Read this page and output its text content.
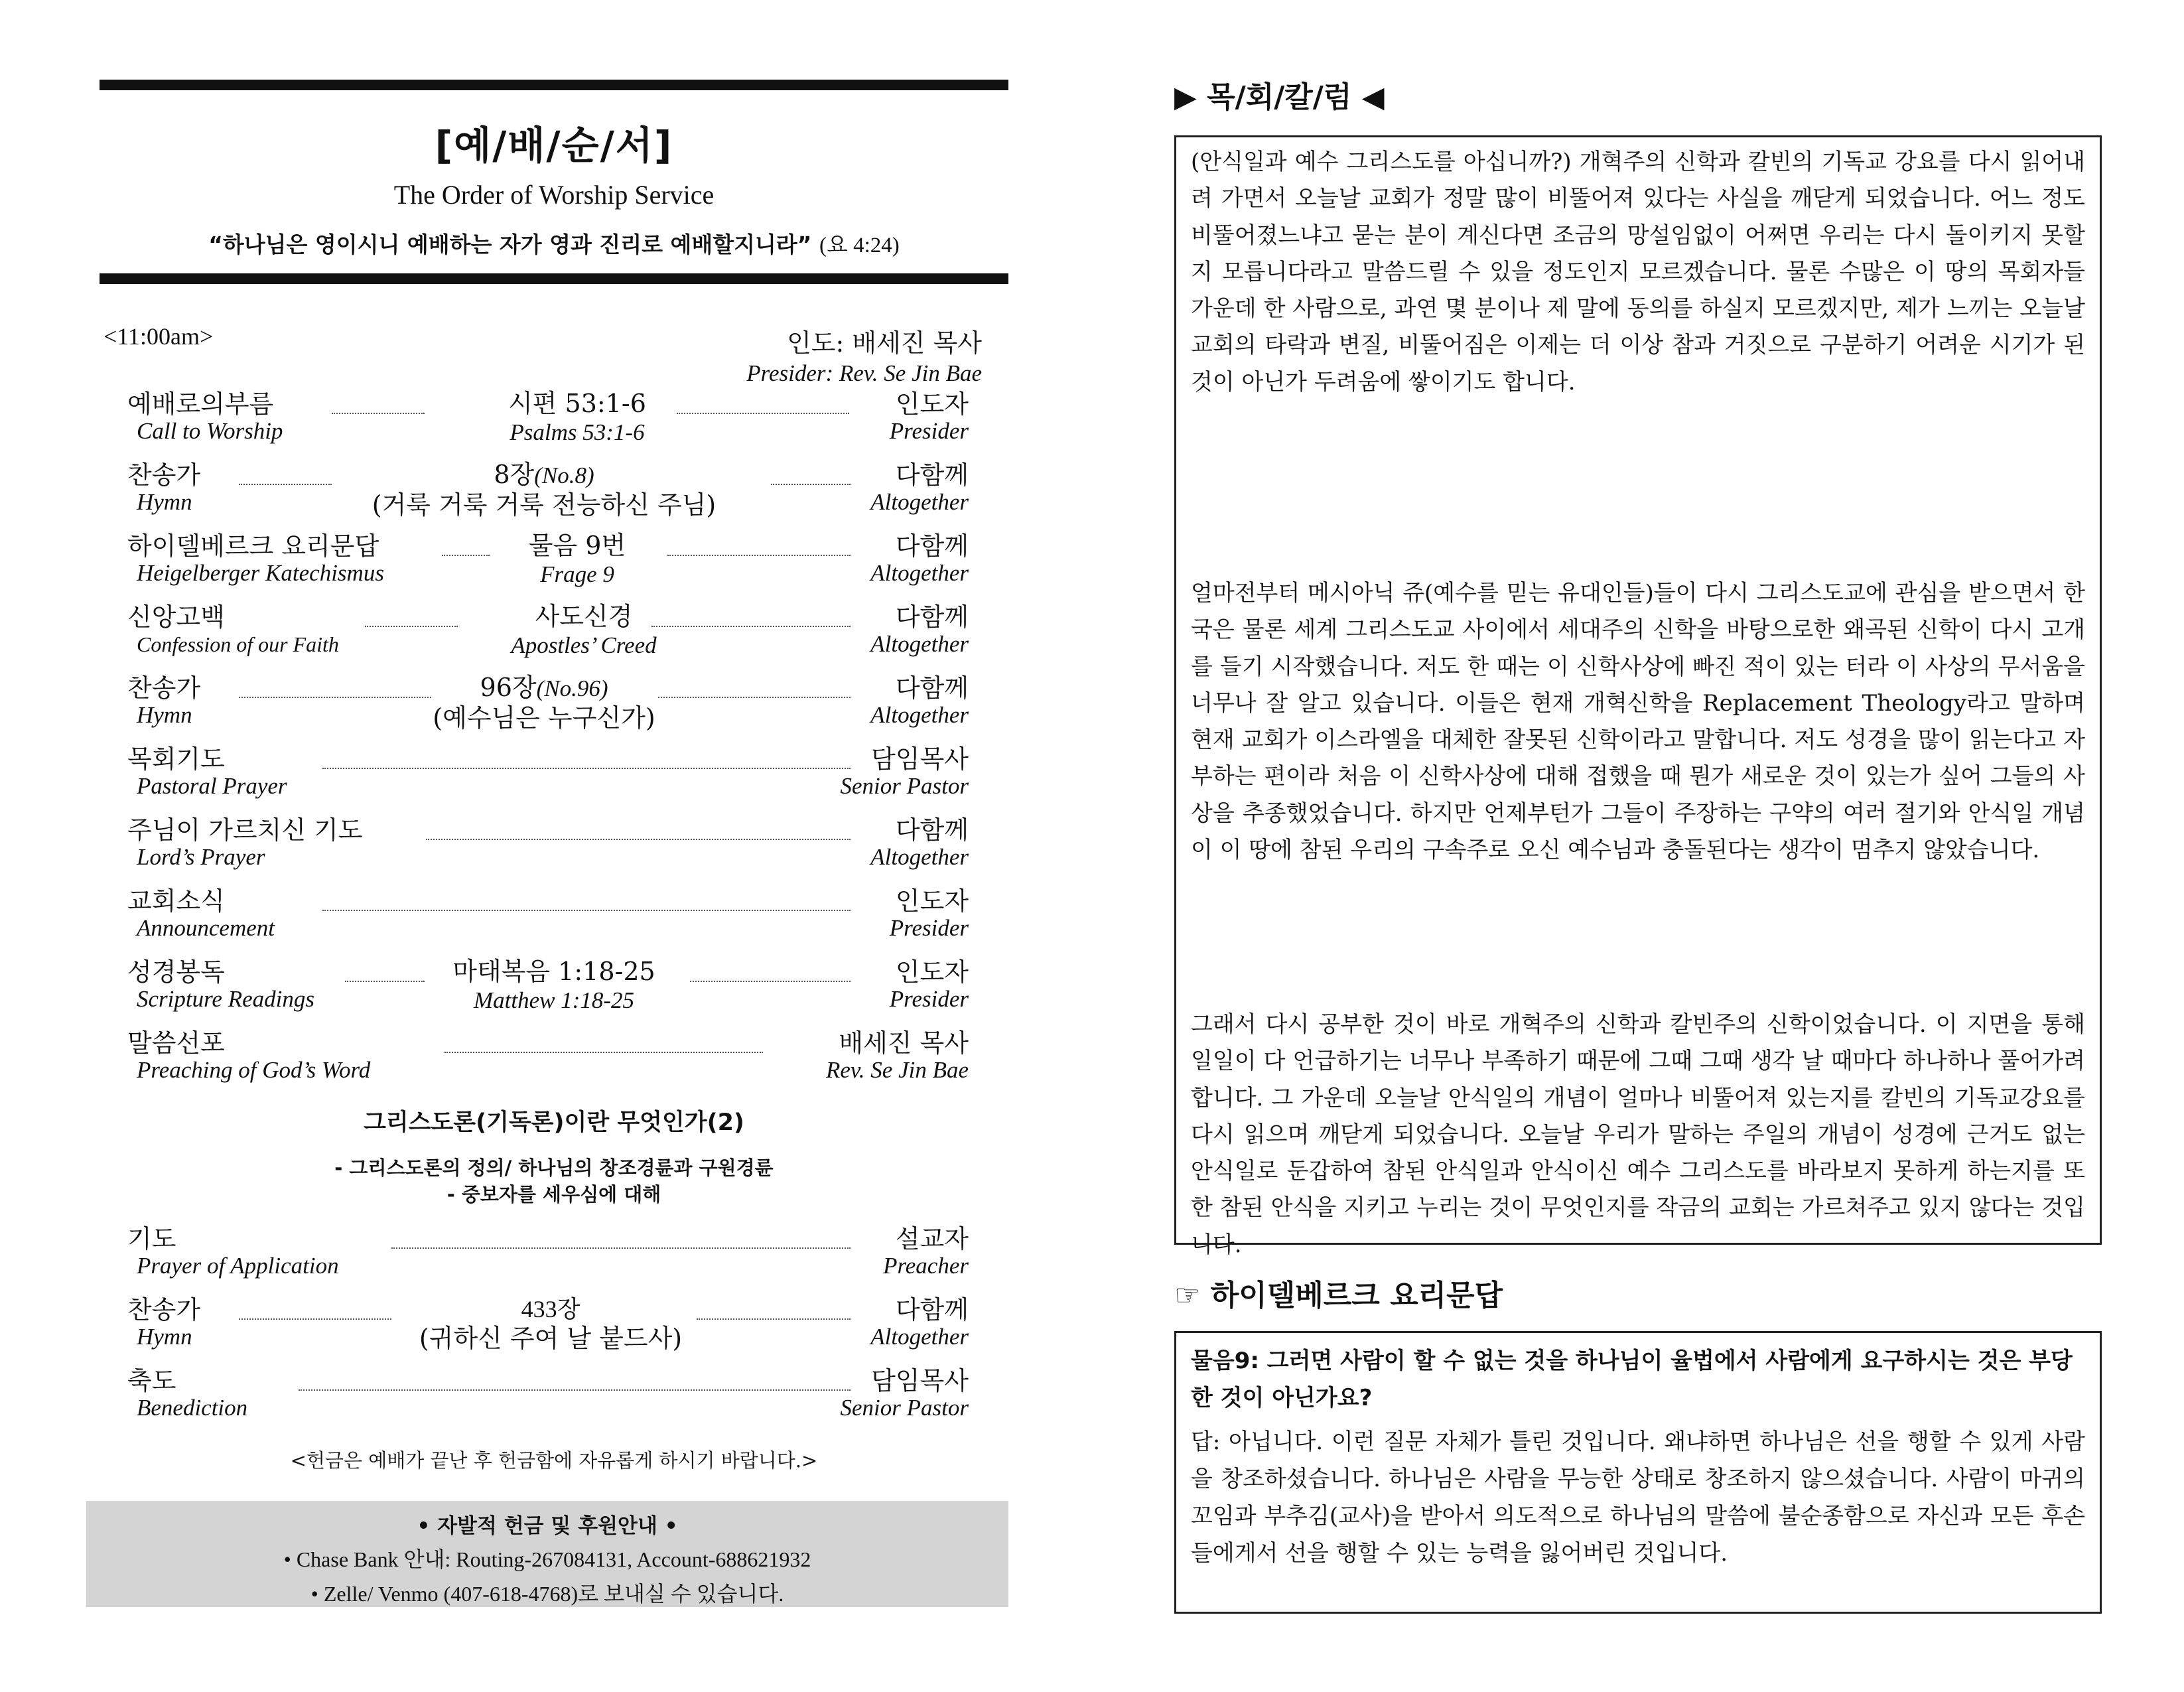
[예/배/순/서]
The Order of Worship Service
“하나님은 영이시니 예배하는 자가 영과 진리로 예배할지니라” (요 4:24)
<11:00am>	인도: 배세진 목사
Presider: Rev. Se Jin Bae
예배로의부름
Call to Worship
시편 53:1-6
Psalms 53:1-6
인도자
Presider
찬송가
Hymn
8장(No.8)
(거룩 거룩 거룩 전능하신 주님)
다함께
Altogether
하이델베르크 요리문답
Heigelberger Katechismus
물음 9번
Frage 9
다함께
Altogether
신앙고백
Confession of our Faith
사도신경
Apostles’ Creed
다함께
Altogether
찬송가
Hymn
96장(No.96)
(예수님은 누구신가)
다함께
Altogether
목회기도
Pastoral Prayer
담임목사
Senior Pastor
주님이 가르치신 기도
Lord’s Prayer
다함께
Altogether
교회소식
Announcement
인도자
Presider
성경봉독
Scripture Readings
마태복음 1:18-25
Matthew 1:18-25
인도자
Presider
말씀선포
Preaching of God’s Word
배세진 목사
Rev. Se Jin Bae
그리스도론(기독론)이란 무엇인가(2)
- 그리스도론의 정의/ 하나님의 창조경륜과 구원경륜
- 중보자를 세우심에 대해
기도
Prayer of Application
설교자
Preacher
찬송가
Hymn
433장
(귀하신 주여 날 붙드사)
다함께
Altogether
축도
Benediction
담임목사
Senior Pastor
<헌금은 예배가 끝난 후 헌금함에 자유롭게 하시기 바랍니다.>
• 자발적 헌금 및 후원안내 •
• Chase Bank 안내: Routing-267084131, Account-688621932
• Zelle/ Venmo (407-618-4768)로 보내실 수 있습니다.
▶ 목/회/칼/럼 ◀

(안식일과 예수 그리스도를 아십니까?) 개혁주의 신학과 칼빈의 기독교 강요를 다시 읽어내려 가면서 오늘날 교회가 정말 많이 비뚤어져 있다는 사실을 깨닫게 되었습니다. 어느 정도 비뚤어졌느냐고 묻는 분이 계신다면 조금의 망설임없이 어쩌면 우리는 다시 돌이키지 못할지 모릅니다라고 말씀드릴 수 있을 정도인지 모르겠습니다. 물론 수많은 이 땅의 목회자들 가운데 한 사람으로, 과연 몇 분이나 제 말에 동의를 하실지 모르겠지만, 제가 느끼는 오늘날 교회의 타락과 변질, 비뚤어짐은 이제는 더 이상 참과 거짓으로 구분하기 어려운 시기가 된 것이 아닌가 두려움에 쌓이기도 합니다.

얼마전부터 메시아닉 쥬(예수를 믿는 유대인들)들이 다시 그리스도교에 관심을 받으면서 한국은 물론 세계 그리스도교 사이에서 세대주의 신학을 바탕으로한 왜곡된 신학이 다시 고개를 들기 시작했습니다. 저도 한 때는 이 신학사상에 빠진 적이 있는 터라 이 사상의 무서움을 너무나 잘 알고 있습니다. 이들은 현재 개혁신학을 Replacement Theology라고 말하며 현재 교회가 이스라엘을 대체한 잘못된 신학이라고 말합니다. 저도 성경을 많이 읽는다고 자부하는 편이라 처음 이 신학사상에 대해 접했을 때 뭔가 새로운 것이 있는가 싶어 그들의 사상을 추종했었습니다. 하지만 언제부턴가 그들이 주장하는 구약의 여러 절기와 안식일 개념이 이 땅에 참된 우리의 구속주로 오신 예수님과 충돌된다는 생각이 멈추지 않았습니다.

그래서 다시 공부한 것이 바로 개혁주의 신학과 칼빈주의 신학이었습니다. 이 지면을 통해 일일이 다 언급하기는 너무나 부족하기 때문에 그때 그때 생각 날 때마다 하나하나 풀어가려 합니다. 그 가운데 오늘날 안식일의 개념이 얼마나 비뚤어져 있는지를 칼빈의 기독교강요를 다시 읽으며 깨닫게 되었습니다. 오늘날 우리가 말하는 주일의 개념이 성경에 근거도 없는 안식일로 둔갑하여 참된 안식일과 안식이신 예수 그리스도를 바라보지 못하게 하는지를 또한 참된 안식을 지키고 누리는 것이 무엇인지를 작금의 교회는 가르쳐주고 있지 않다는 것입니다.

☞ 하이델베르크 요리문답
물음9: 그러면 사람이 할 수 없는 것을 하나님이 율법에서 사람에게 요구하시는 것은 부당한 것이 아닌가요?
답: 아닙니다. 이런 질문 자체가 틀린 것입니다. 왜냐하면 하나님은 선을 행할 수 있게 사람을 창조하셨습니다. 하나님은 사람을 무능한 상태로 창조하지 않으셨습니다. 사람이 마귀의 꼬임과 부추김(교사)을 받아서 의도적으로 하나님의 말씀에 불순종함으로 자신과 모든 후손들에게서 선을 행할 수 있는 능력을 잃어버린 것입니다.
